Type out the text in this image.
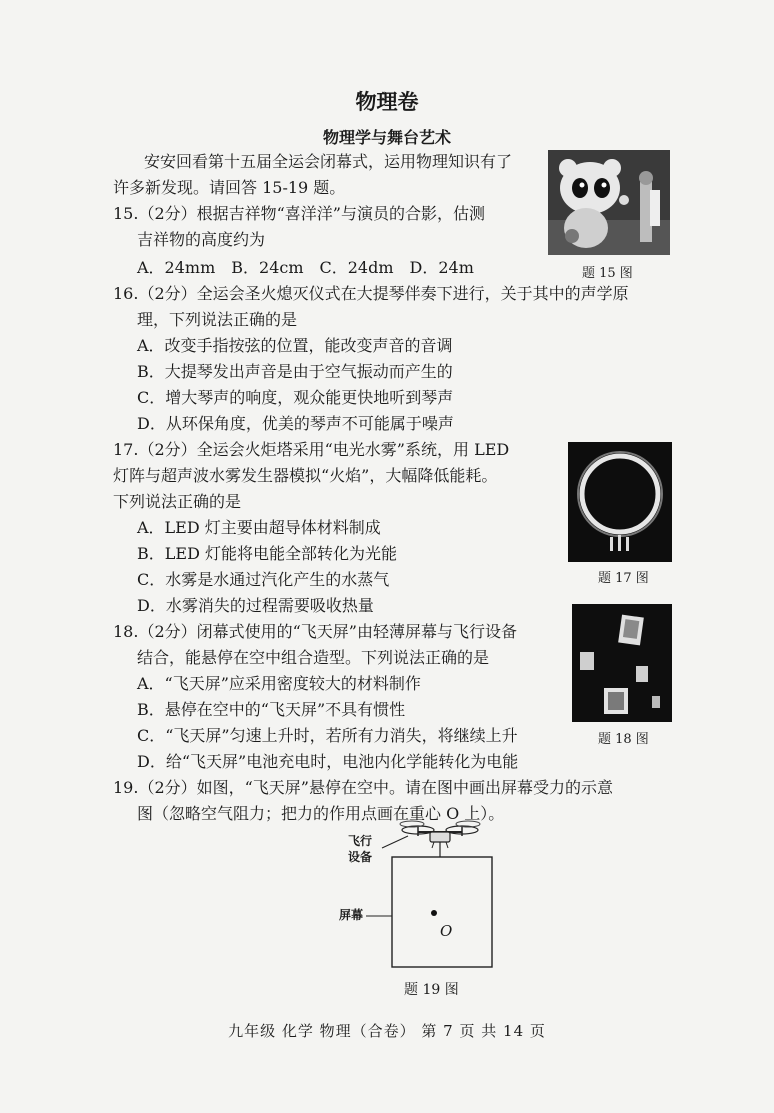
物理卷
物理学与舞台艺术
安安回看第十五届全运会闭幕式，运用物理知识有了
许多新发现。请回答 15-19 题。
15.（2分）根据吉祥物“喜洋洋”与演员的合影，估测
吉祥物的高度约为
A．24mm　B．24cm　C．24dm　D．24m	题 15 图
16.（2分）全运会圣火熄灭仪式在大提琴伴奏下进行，关于其中的声学原
理，下列说法正确的是
A．改变手指按弦的位置，能改变声音的音调
B．大提琴发出声音是由于空气振动而产生的
C．增大琴声的响度，观众能更快地听到琴声
D．从环保角度，优美的琴声不可能属于噪声
17.（2分）全运会火炬塔采用“电光水雾”系统，用 LED
灯阵与超声波水雾发生器模拟“火焰”，大幅降低能耗。
下列说法正确的是
A．LED 灯主要由超导体材料制成
B．LED 灯能将电能全部转化为光能
C．水雾是水通过汽化产生的水蒸气
D．水雾消失的过程需要吸收热量
题 17 图
18.（2分）闭幕式使用的“飞天屏”由轻薄屏幕与飞行设备
结合，能悬停在空中组合造型。下列说法正确的是
A．“飞天屏”应采用密度较大的材料制作
B．悬停在空中的“飞天屏”不具有惯性
C．“飞天屏”匀速上升时，若所有力消失，将继续上升
D．给“飞天屏”电池充电时，电池内化学能转化为电能
题 18 图
19.（2分）如图，“飞天屏”悬停在空中。请在图中画出屏幕受力的示意
图（忽略空气阻力；把力的作用点画在重心 O 上）。
飞行
设备
屏幕
O
题 19 图
九年级 化学 物理（合卷） 第 7 页 共 14 页
